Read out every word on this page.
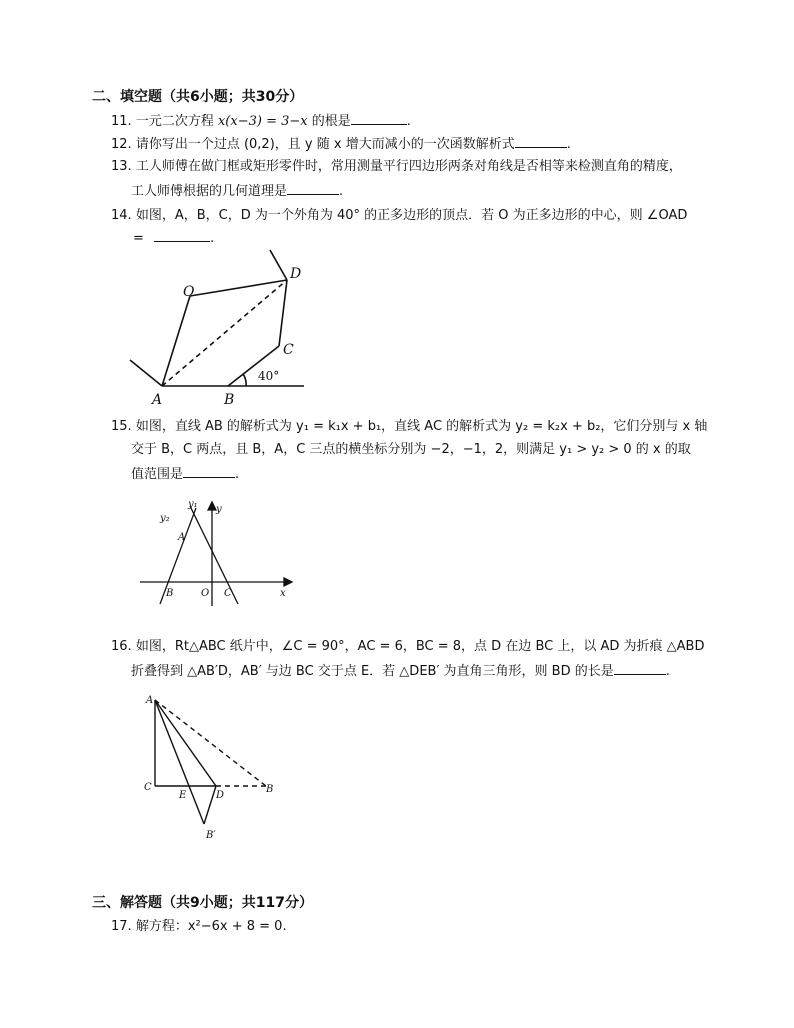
二、填空题（共6小题；共30分）
11. 一元二次方程 x(x−3) = 3−x 的根是	.
12. 请你写出一个过点 (0,2)，且 y 随 x 增大而减小的一次函数解析式	.
13. 工人师傅在做门框或矩形零件时，常用测量平行四边形两条对角线是否相等来检测直角的精度，
工人师傅根据的几何道理是	.
14. 如图，A，B，C，D 为一个外角为 40° 的正多边形的顶点．若 O 为正多边形的中心，则 ∠OAD
=	.
O
D
C
A	B
40°
15. 如图，直线 AB 的解析式为 y₁ = k₁x + b₁，直线 AC 的解析式为 y₂ = k₂x + b₂，它们分别与 x 轴
交于 B，C 两点，且 B，A，C 三点的横坐标分别为 −2，−1，2，则满足 y₁ > y₂ > 0 的 x 的取
值范围是	.
y₁
y₂
y
A
B	O C	x
16. 如图，Rt△ABC 纸片中，∠C = 90°，AC = 6，BC = 8，点 D 在边 BC 上，以 AD 为折痕 △ABD
折叠得到 △AB′D，AB′ 与边 BC 交于点 E．若 △DEB′ 为直角三角形，则 BD 的长是	.
A
C
E	D
B
B′
三、解答题（共9小题；共117分）
17. 解方程：x²−6x + 8 = 0.
